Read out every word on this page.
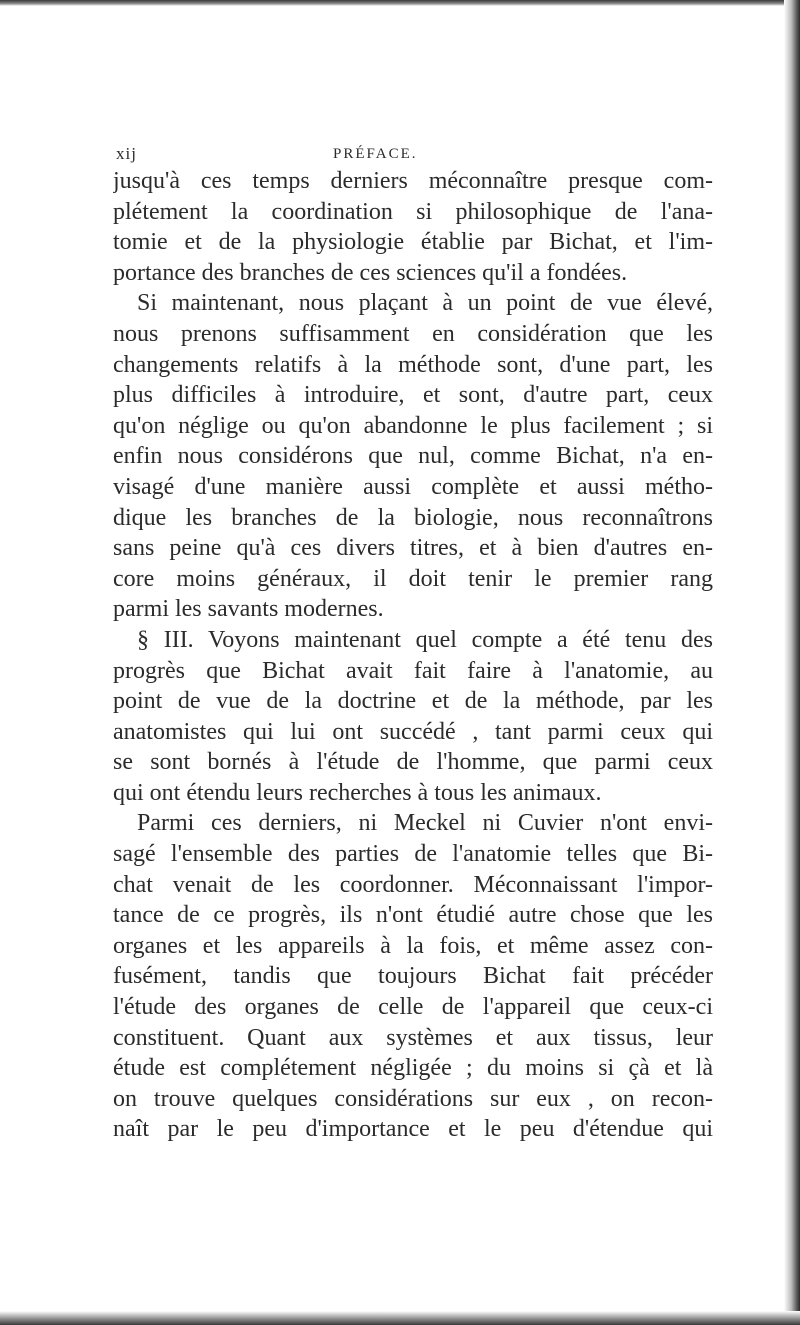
xij	PRÉFACE.
jusqu'à ces temps derniers méconnaître presque com-
plétement la coordination si philosophique de l'ana-
tomie et de la physiologie établie par Bichat, et l'im-
portance des branches de ces sciences qu'il a fondées.
Si maintenant, nous plaçant à un point de vue élevé,
nous prenons suffisamment en considération que les
changements relatifs à la méthode sont, d'une part, les
plus difficiles à introduire, et sont, d'autre part, ceux
qu'on néglige ou qu'on abandonne le plus facilement ; si
enfin nous considérons que nul, comme Bichat, n'a en-
visagé d'une manière aussi complète et aussi métho-
dique les branches de la biologie, nous reconnaîtrons
sans peine qu'à ces divers titres, et à bien d'autres en-
core moins généraux, il doit tenir le premier rang
parmi les savants modernes.
§ III. Voyons maintenant quel compte a été tenu des
progrès que Bichat avait fait faire à l'anatomie, au
point de vue de la doctrine et de la méthode, par les
anatomistes qui lui ont succédé , tant parmi ceux qui
se sont bornés à l'étude de l'homme, que parmi ceux
qui ont étendu leurs recherches à tous les animaux.
Parmi ces derniers, ni Meckel ni Cuvier n'ont envi-
sagé l'ensemble des parties de l'anatomie telles que Bi-
chat venait de les coordonner. Méconnaissant l'impor-
tance de ce progrès, ils n'ont étudié autre chose que les
organes et les appareils à la fois, et même assez con-
fusément, tandis que toujours Bichat fait précéder
l'étude des organes de celle de l'appareil que ceux-ci
constituent. Quant aux systèmes et aux tissus, leur
étude est complétement négligée ; du moins si çà et là
on trouve quelques considérations sur eux , on recon-
naît par le peu d'importance et le peu d'étendue qui
